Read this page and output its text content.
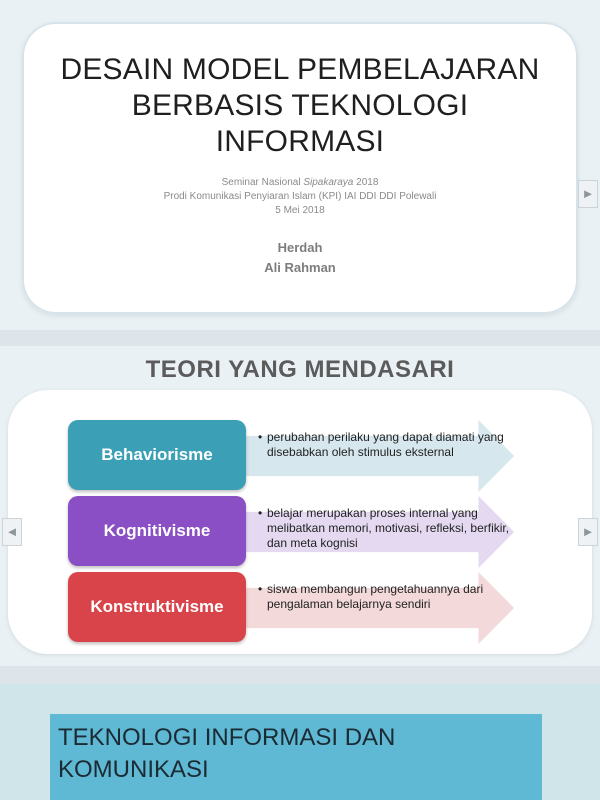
DESAIN MODEL PEMBELAJARAN BERBASIS TEKNOLOGI INFORMASI
Seminar Nasional Sipakaraya 2018
Prodi Komunikasi Penyiaran Islam (KPI) IAI DDI DDI Polewali
5 Mei 2018
Herdah
Ali Rahman
►
TEORI YANG MENDASARI
◄	►
Behaviorisme
• perubahan perilaku yang dapat diamati yang disebabkan oleh stimulus eksternal
Kognitivisme
• belajar merupakan proses internal yang melibatkan memori, motivasi, refleksi, berfikir, dan meta kognisi
Konstruktivisme
• siswa membangun pengetahuannya dari pengalaman belajarnya sendiri
TEKNOLOGI INFORMASI DAN KOMUNIKASI
